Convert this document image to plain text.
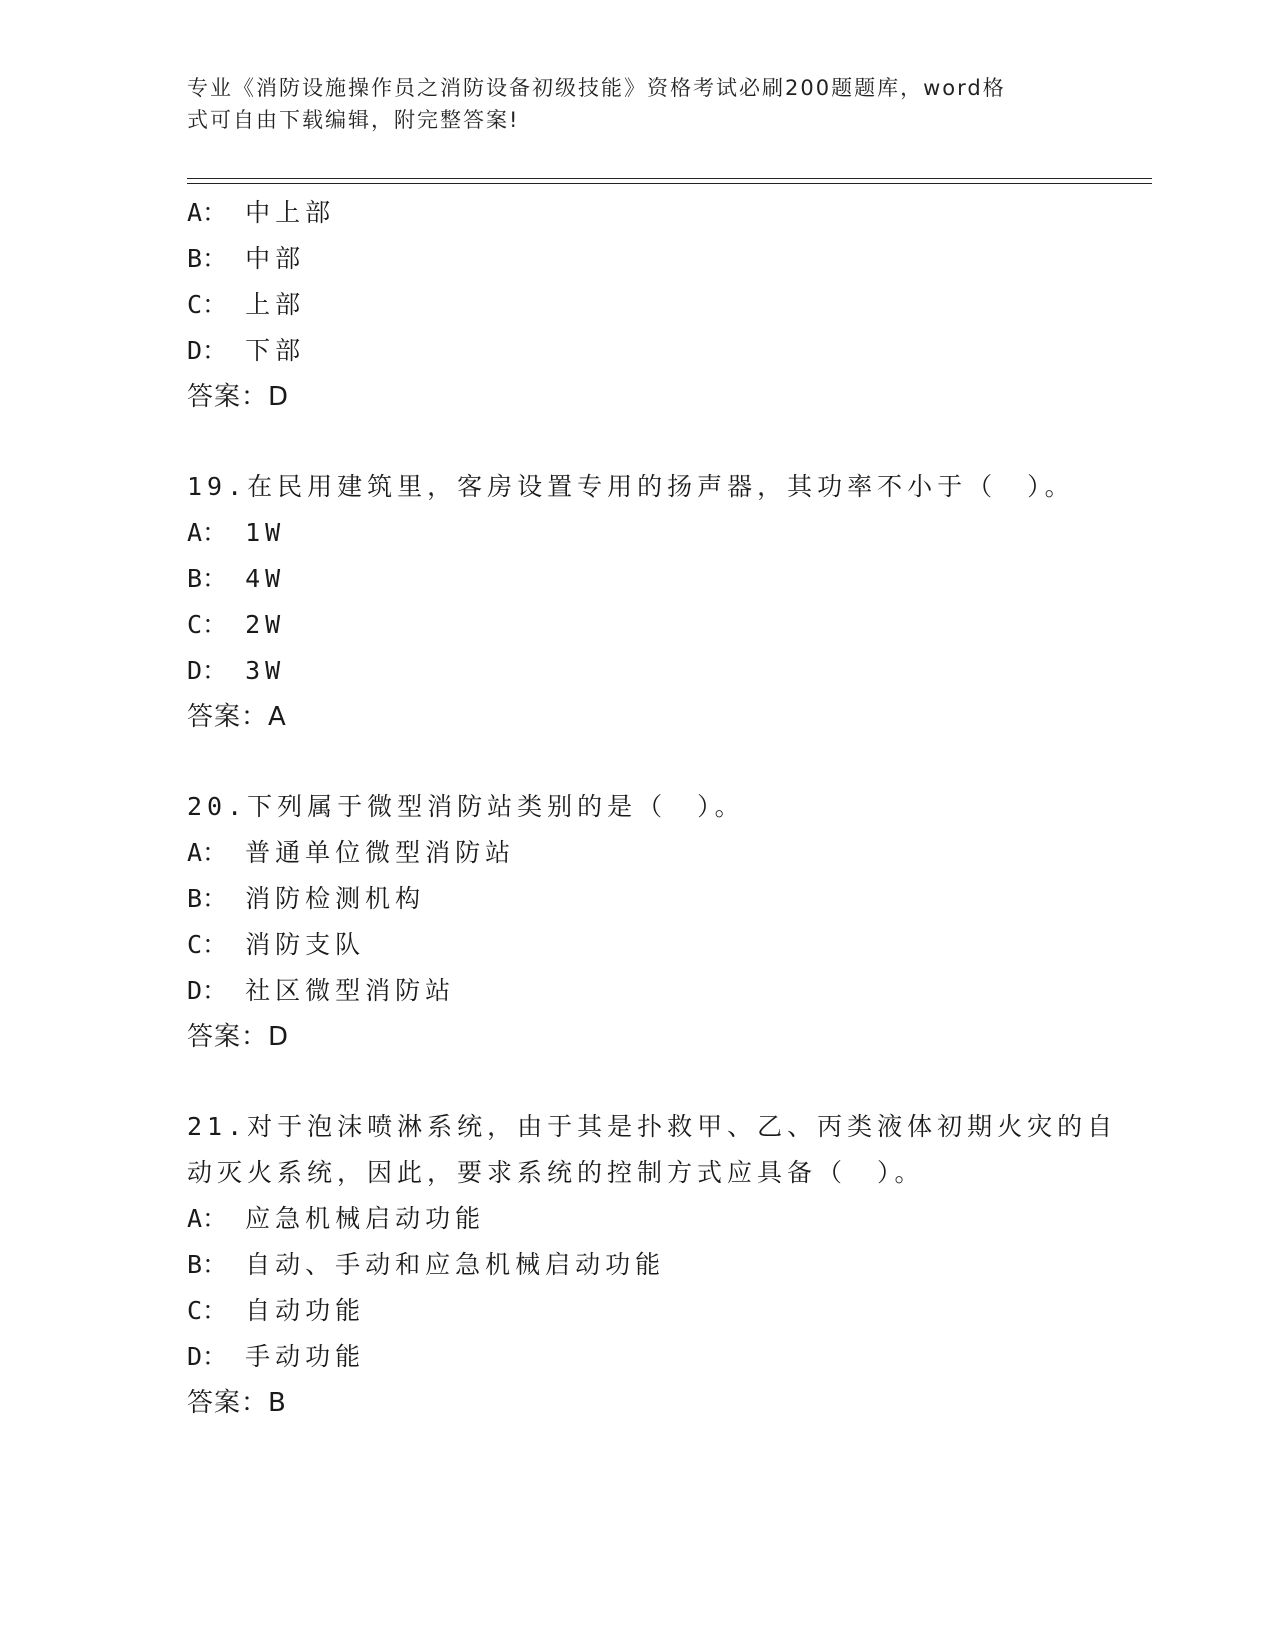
专业《消防设施操作员之消防设备初级技能》资格考试必刷200题题库，word格
式可自由下载编辑，附完整答案!
A： 中上部
B： 中部
C： 上部
D： 下部
答案：D
19.在民用建筑里，客房设置专用的扬声器，其功率不小于（　）。
A： 1W
B： 4W
C： 2W
D： 3W
答案：A
20.下列属于微型消防站类别的是（　）。
A： 普通单位微型消防站
B： 消防检测机构
C： 消防支队
D： 社区微型消防站
答案：D
21.对于泡沫喷淋系统，由于其是扑救甲、乙、丙类液体初期火灾的自
动灭火系统，因此，要求系统的控制方式应具备（　）。
A： 应急机械启动功能
B： 自动、手动和应急机械启动功能
C： 自动功能
D： 手动功能
答案：B
